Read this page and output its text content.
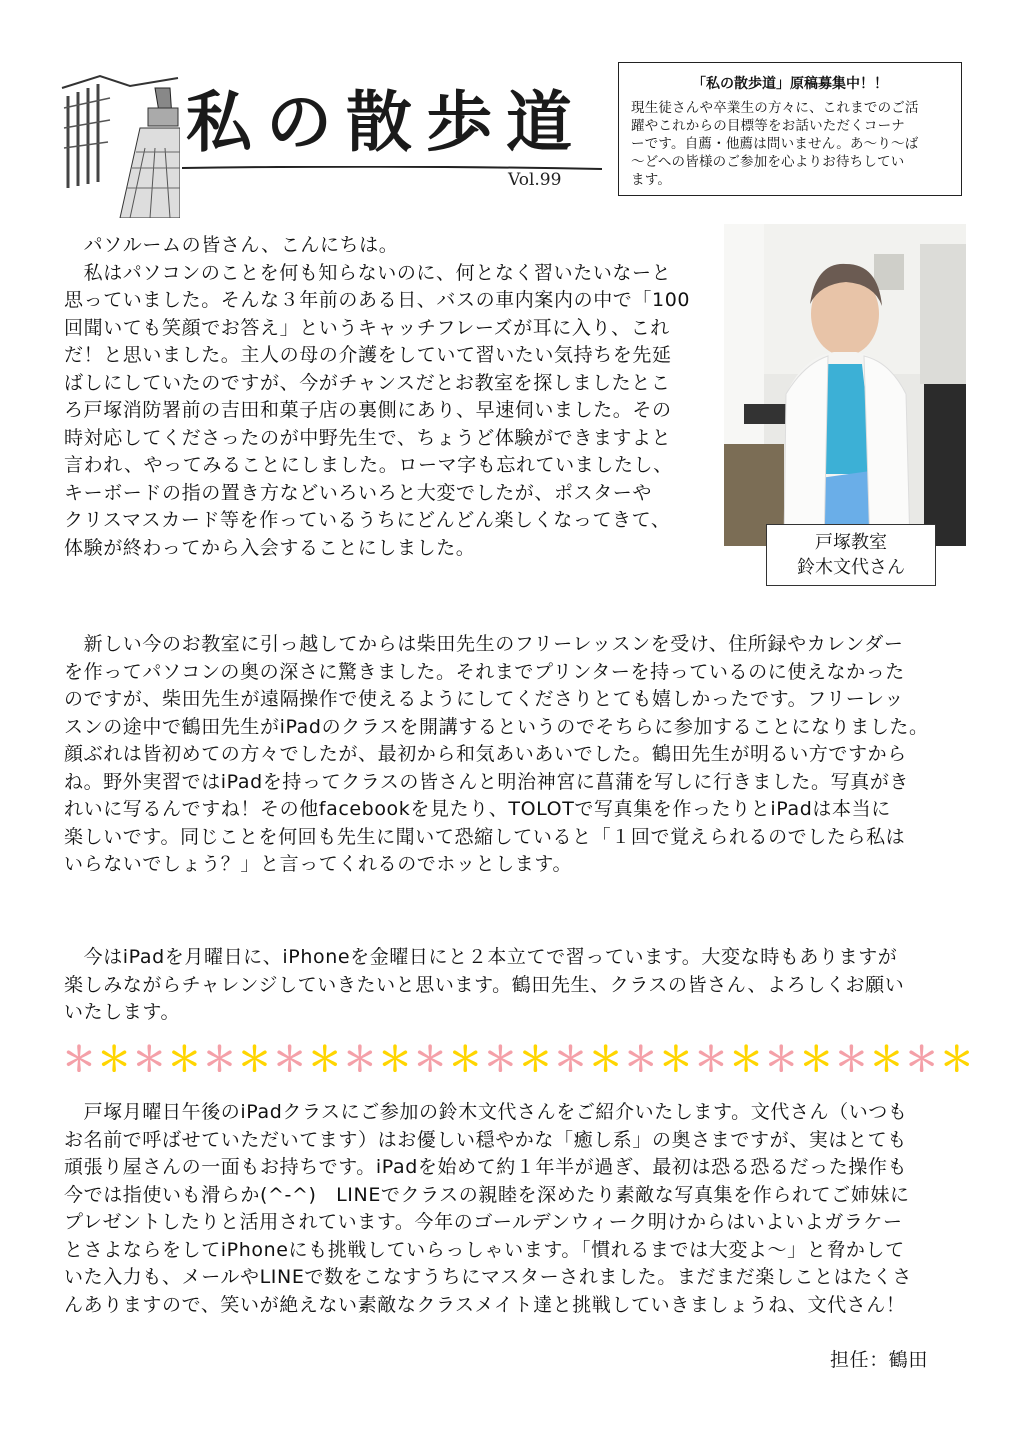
私の散歩道
Vol.99
「私の散歩道」原稿募集中！！
現生徒さんや卒業生の方々に、これまでのご活
躍やこれからの目標等をお話いただくコーナ
ーです。自薦・他薦は問いません。あ～り～ば
～どへの皆様のご参加を心よりお待ちしてい
ます。
　パソルームの皆さん、こんにちは。
　私はパソコンのことを何も知らないのに、何となく習いたいなーと
思っていました。そんな３年前のある日、バスの車内案内の中で「100
回聞いても笑顔でお答え」というキャッチフレーズが耳に入り、これ
だ！と思いました。主人の母の介護をしていて習いたい気持ちを先延
ばしにしていたのですが、今がチャンスだとお教室を探しましたとこ
ろ戸塚消防署前の吉田和菓子店の裏側にあり、早速伺いました。その
時対応してくださったのが中野先生で、ちょうど体験ができますよと
言われ、やってみることにしました。ローマ字も忘れていましたし、
キーボードの指の置き方などいろいろと大変でしたが、ポスターや
クリスマスカード等を作っているうちにどんどん楽しくなってきて、
体験が終わってから入会することにしました。	戸塚教室
鈴木文代さん
　新しい今のお教室に引っ越してからは柴田先生のフリーレッスンを受け、住所録やカレンダー
を作ってパソコンの奥の深さに驚きました。それまでプリンターを持っているのに使えなかった
のですが、柴田先生が遠隔操作で使えるようにしてくださりとても嬉しかったです。フリーレッ
スンの途中で鶴田先生がiPadのクラスを開講するというのでそちらに参加することになりました。
顔ぶれは皆初めての方々でしたが、最初から和気あいあいでした。鶴田先生が明るい方ですから
ね。野外実習ではiPadを持ってクラスの皆さんと明治神宮に菖蒲を写しに行きました。写真がき
れいに写るんですね！その他facebookを見たり、TOLOTで写真集を作ったりとiPadは本当に
楽しいです。同じことを何回も先生に聞いて恐縮していると「１回で覚えられるのでしたら私は
いらないでしょう？」と言ってくれるのでホッとします。
　今はiPadを月曜日に、iPhoneを金曜日にと２本立てで習っています。大変な時もありますが
楽しみながらチャレンジしていきたいと思います。鶴田先生、クラスの皆さん、よろしくお願い
いたします。
＊ ＊ ＊ ＊ ＊ ＊ ＊ ＊ ＊ ＊ ＊ ＊ ＊ ＊ ＊ ＊ ＊ ＊ ＊ ＊ ＊ ＊ ＊ ＊ ＊ ＊
　戸塚月曜日午後のiPadクラスにご参加の鈴木文代さんをご紹介いたします。文代さん（いつも
お名前で呼ばせていただいてます）はお優しい穏やかな「癒し系」の奥さまですが、実はとても
頑張り屋さんの一面もお持ちです。iPadを始めて約１年半が過ぎ、最初は恐る恐るだった操作も
今では指使いも滑らか(^-^)　LINEでクラスの親睦を深めたり素敵な写真集を作られてご姉妹に
プレゼントしたりと活用されています。今年のゴールデンウィーク明けからはいよいよガラケー
とさよならをしてiPhoneにも挑戦していらっしゃいます。「慣れるまでは大変よ～」と脅かして
いた入力も、メールやLINEで数をこなすうちにマスターされました。まだまだ楽しことはたくさ
んありますので、笑いが絶えない素敵なクラスメイト達と挑戦していきましょうね、文代さん！
担任：鶴田
